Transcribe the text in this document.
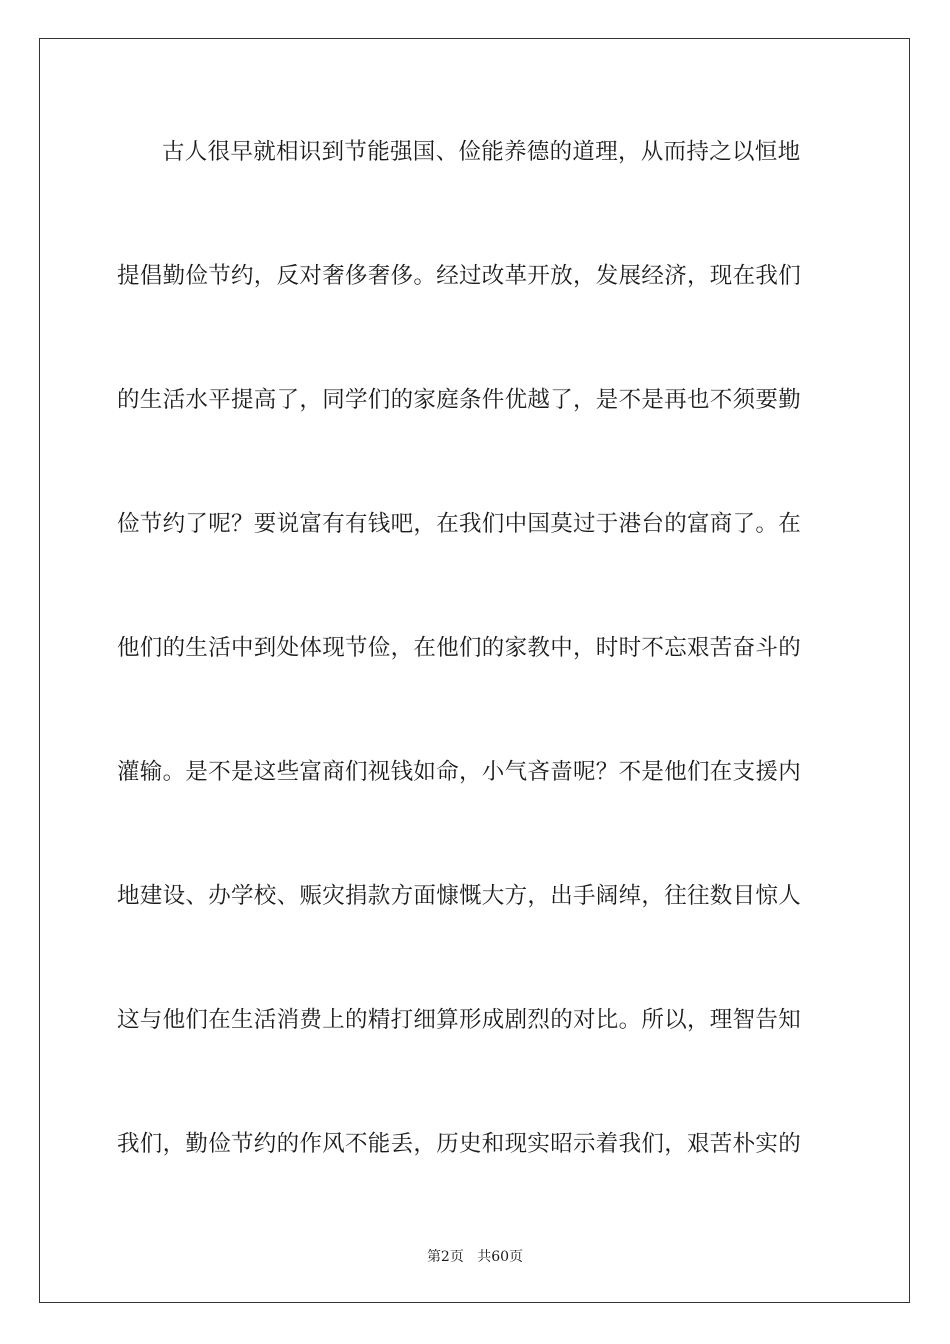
古人很早就相识到节能强国、俭能养德的道理，从而持之以恒地
提倡勤俭节约，反对奢侈奢侈。经过改革开放，发展经济，现在我们
的生活水平提高了，同学们的家庭条件优越了，是不是再也不须要勤
俭节约了呢？要说富有有钱吧，在我们中国莫过于港台的富商了。在
他们的生活中到处体现节俭，在他们的家教中，时时不忘艰苦奋斗的
灌输。是不是这些富商们视钱如命，小气吝啬呢？不是他们在支援内
地建设、办学校、赈灾捐款方面慷慨大方，出手阔绰，往往数目惊人
这与他们在生活消费上的精打细算形成剧烈的对比。所以，理智告知
我们，勤俭节约的作风不能丢，历史和现实昭示着我们，艰苦朴实的
第2页 共60页
